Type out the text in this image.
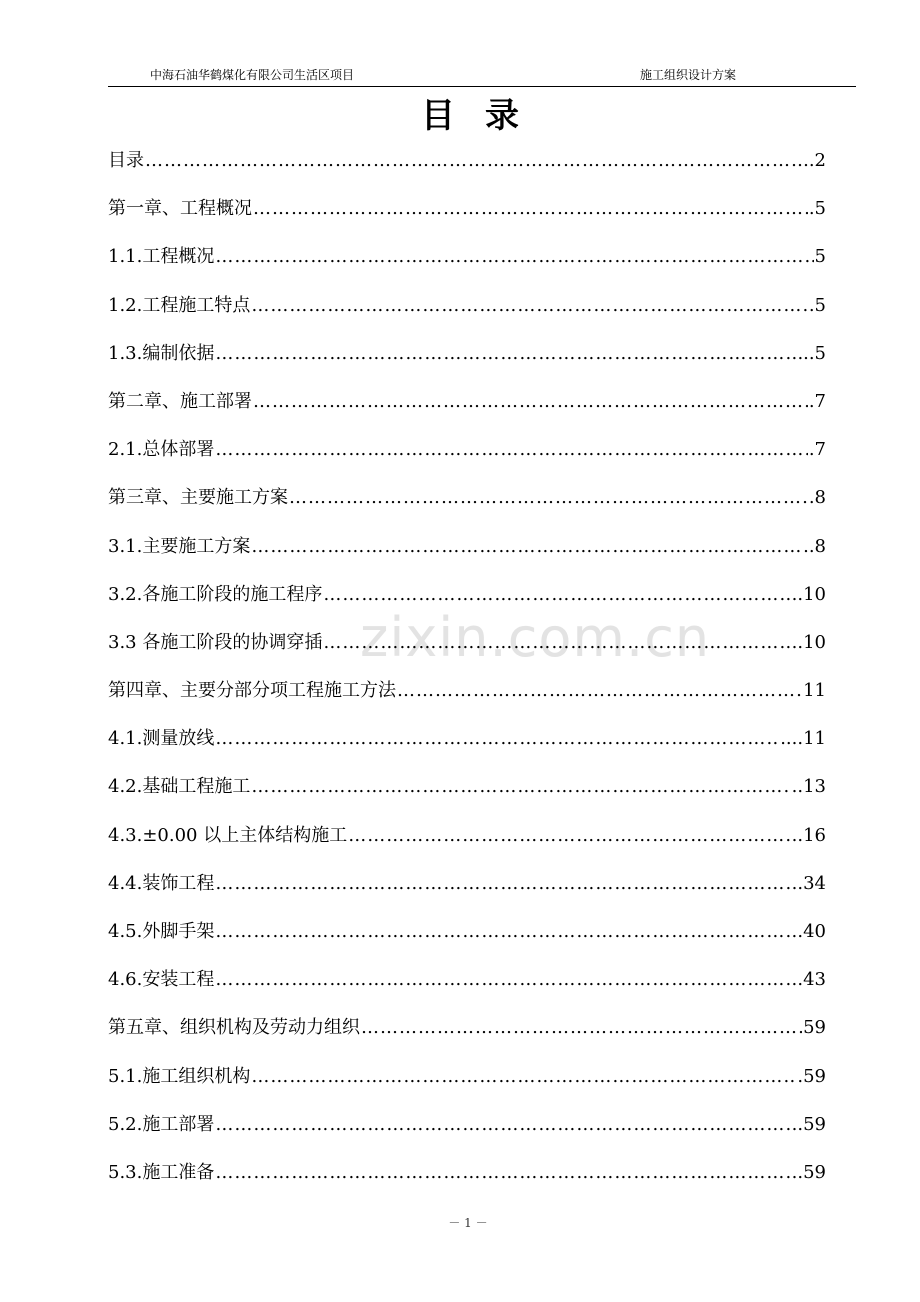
中海石油华鹤煤化有限公司生活区项目	施工组织设计方案
目录
zixin.com.cn
目录 ……………………………………………………………………………………………………………………	.2
第一章、工程概况 ……………………………………………………………………………………………………………………	.5
1.1.工程概况 ……………………………………………………………………………………………………………………	5
1.2.工程施工特点 ……………………………………………………………………………………………………………………	.5
1.3.编制依据 ……………………………………………………………………………………………………………………	..5
第二章、施工部署 ……………………………………………………………………………………………………………………	.7
2.1.总体部署 ……………………………………………………………………………………………………………………	.7
第三章、主要施工方案 ……………………………………………………………………………………………………………………	.8
3.1.主要施工方案 ……………………………………………………………………………………………………………………	..8
3.2.各施工阶段的施工程序 ……………………………………………………………………………………………………………………	..10
3.3 各施工阶段的协调穿插 ……………………………………………………………………………………………………………………	..10
第四章、主要分部分项工程施工方法 ……………………………………………………………………………………………………………………	11
4.1.测量放线 ……………………………………………………………………………………………………………………	....11
4.2.基础工程施工 ……………………………………………………………………………………………………………………	..13
4.3.±0.00 以上主体结构施工 ……………………………………………………………………………………………………………………	..16
4.4.装饰工程 ……………………………………………………………………………………………………………………	..34
4.5.外脚手架 ……………………………………………………………………………………………………………………	.40
4.6.安装工程 ……………………………………………………………………………………………………………………	.43
第五章、组织机构及劳动力组织 ……………………………………………………………………………………………………………………	59
5.1.施工组织机构 ……………………………………………………………………………………………………………………	.59
5.2.施工部署 ……………………………………………………………………………………………………………………	..59
5.3.施工准备 ……………………………………………………………………………………………………………………	..59
－ 1 －
